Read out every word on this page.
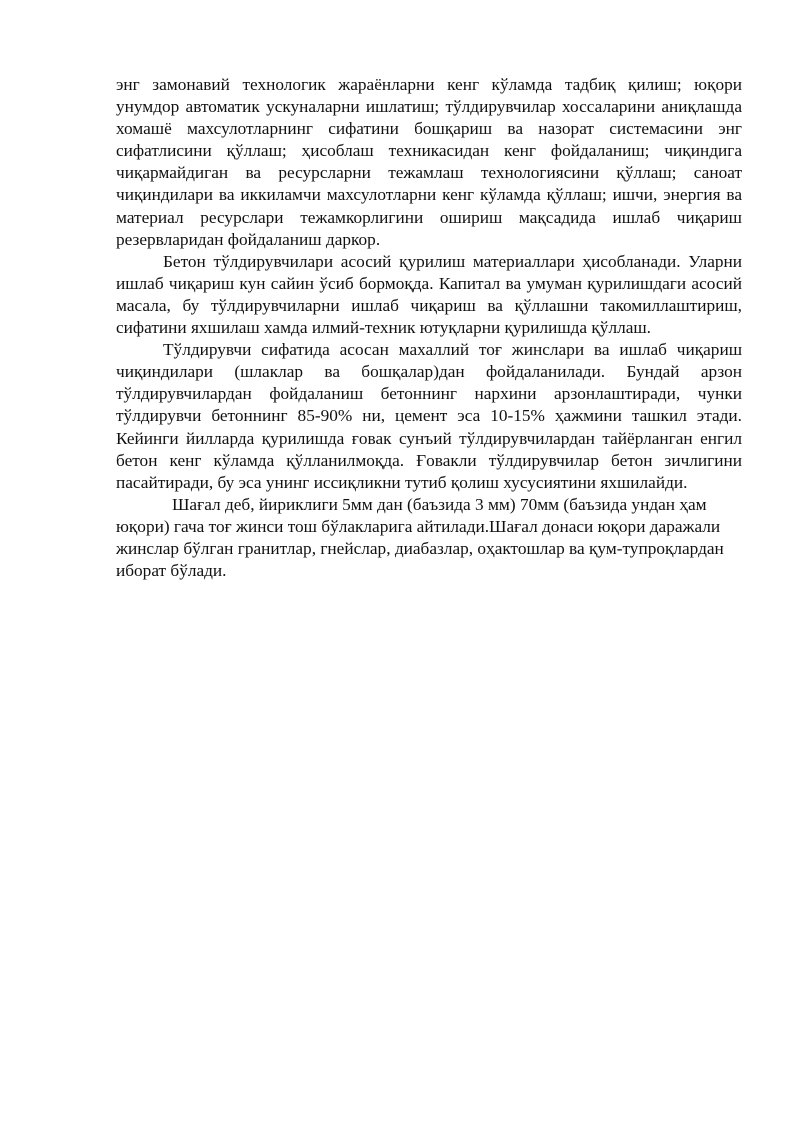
энг замонавий технологик жараёнларни кенг кўламда тадбиқ қилиш; юқори унумдор автоматик ускуналарни ишлатиш; тўлдирувчилар хоссаларини аниқлашда хомашё махсулотларнинг сифатини бошқариш ва назорат системасини энг сифатлисини қўллаш; ҳисоблаш техникасидан кенг фойдаланиш; чиқиндига чиқармайдиган ва ресурсларни тежамлаш технологиясини қўллаш; саноат чиқиндилари ва иккиламчи махсулотларни кенг кўламда қўллаш; ишчи, энергия ва материал ресурслари тежамкорлигини ошириш мақсадида ишлаб чиқариш резервларидан фойдаланиш даркор.

Бетон тўлдирувчилари асосий қурилиш материаллари ҳисобланади. Уларни ишлаб чиқариш кун сайин ўсиб бормоқда. Капитал ва умуман қурилишдаги асосий масала, бу тўлдирувчиларни ишлаб чиқариш ва қўллашни такомиллаштириш, сифатини яхшилаш хамда илмий-техник ютуқларни қурилишда қўллаш.

Тўлдирувчи сифатида асосан махаллий тоғ жинслари ва ишлаб чиқариш чиқиндилари (шлаклар ва бошқалар)дан фойдаланилади. Бундай арзон тўлдирувчилардан фойдаланиш бетоннинг нархини арзонлаштиради, чунки тўлдирувчи бетоннинг 85-90% ни, цемент эса 10-15% ҳажмини ташкил этади. Кейинги йилларда қурилишда ғовак сунъий тўлдирувчилардан тайёрланган енгил бетон кенг кўламда қўлланилмоқда. Ғовакли тўлдирувчилар бетон зичлигини пасайтиради, бу эса унинг иссиқликни тутиб қолиш хусусиятини яхшилайди.

Шағал деб, йириклиги 5мм дан (баъзида 3 мм) 70мм (баъзида ундан ҳам юқори) гача тоғ жинси тош бўлакларига айтилади.Шағал донаси юқори даражали жинслар бўлган гранитлар, гнейслар, диабазлар, оҳактошлар ва қум-тупроқлардан иборат бўлади.
